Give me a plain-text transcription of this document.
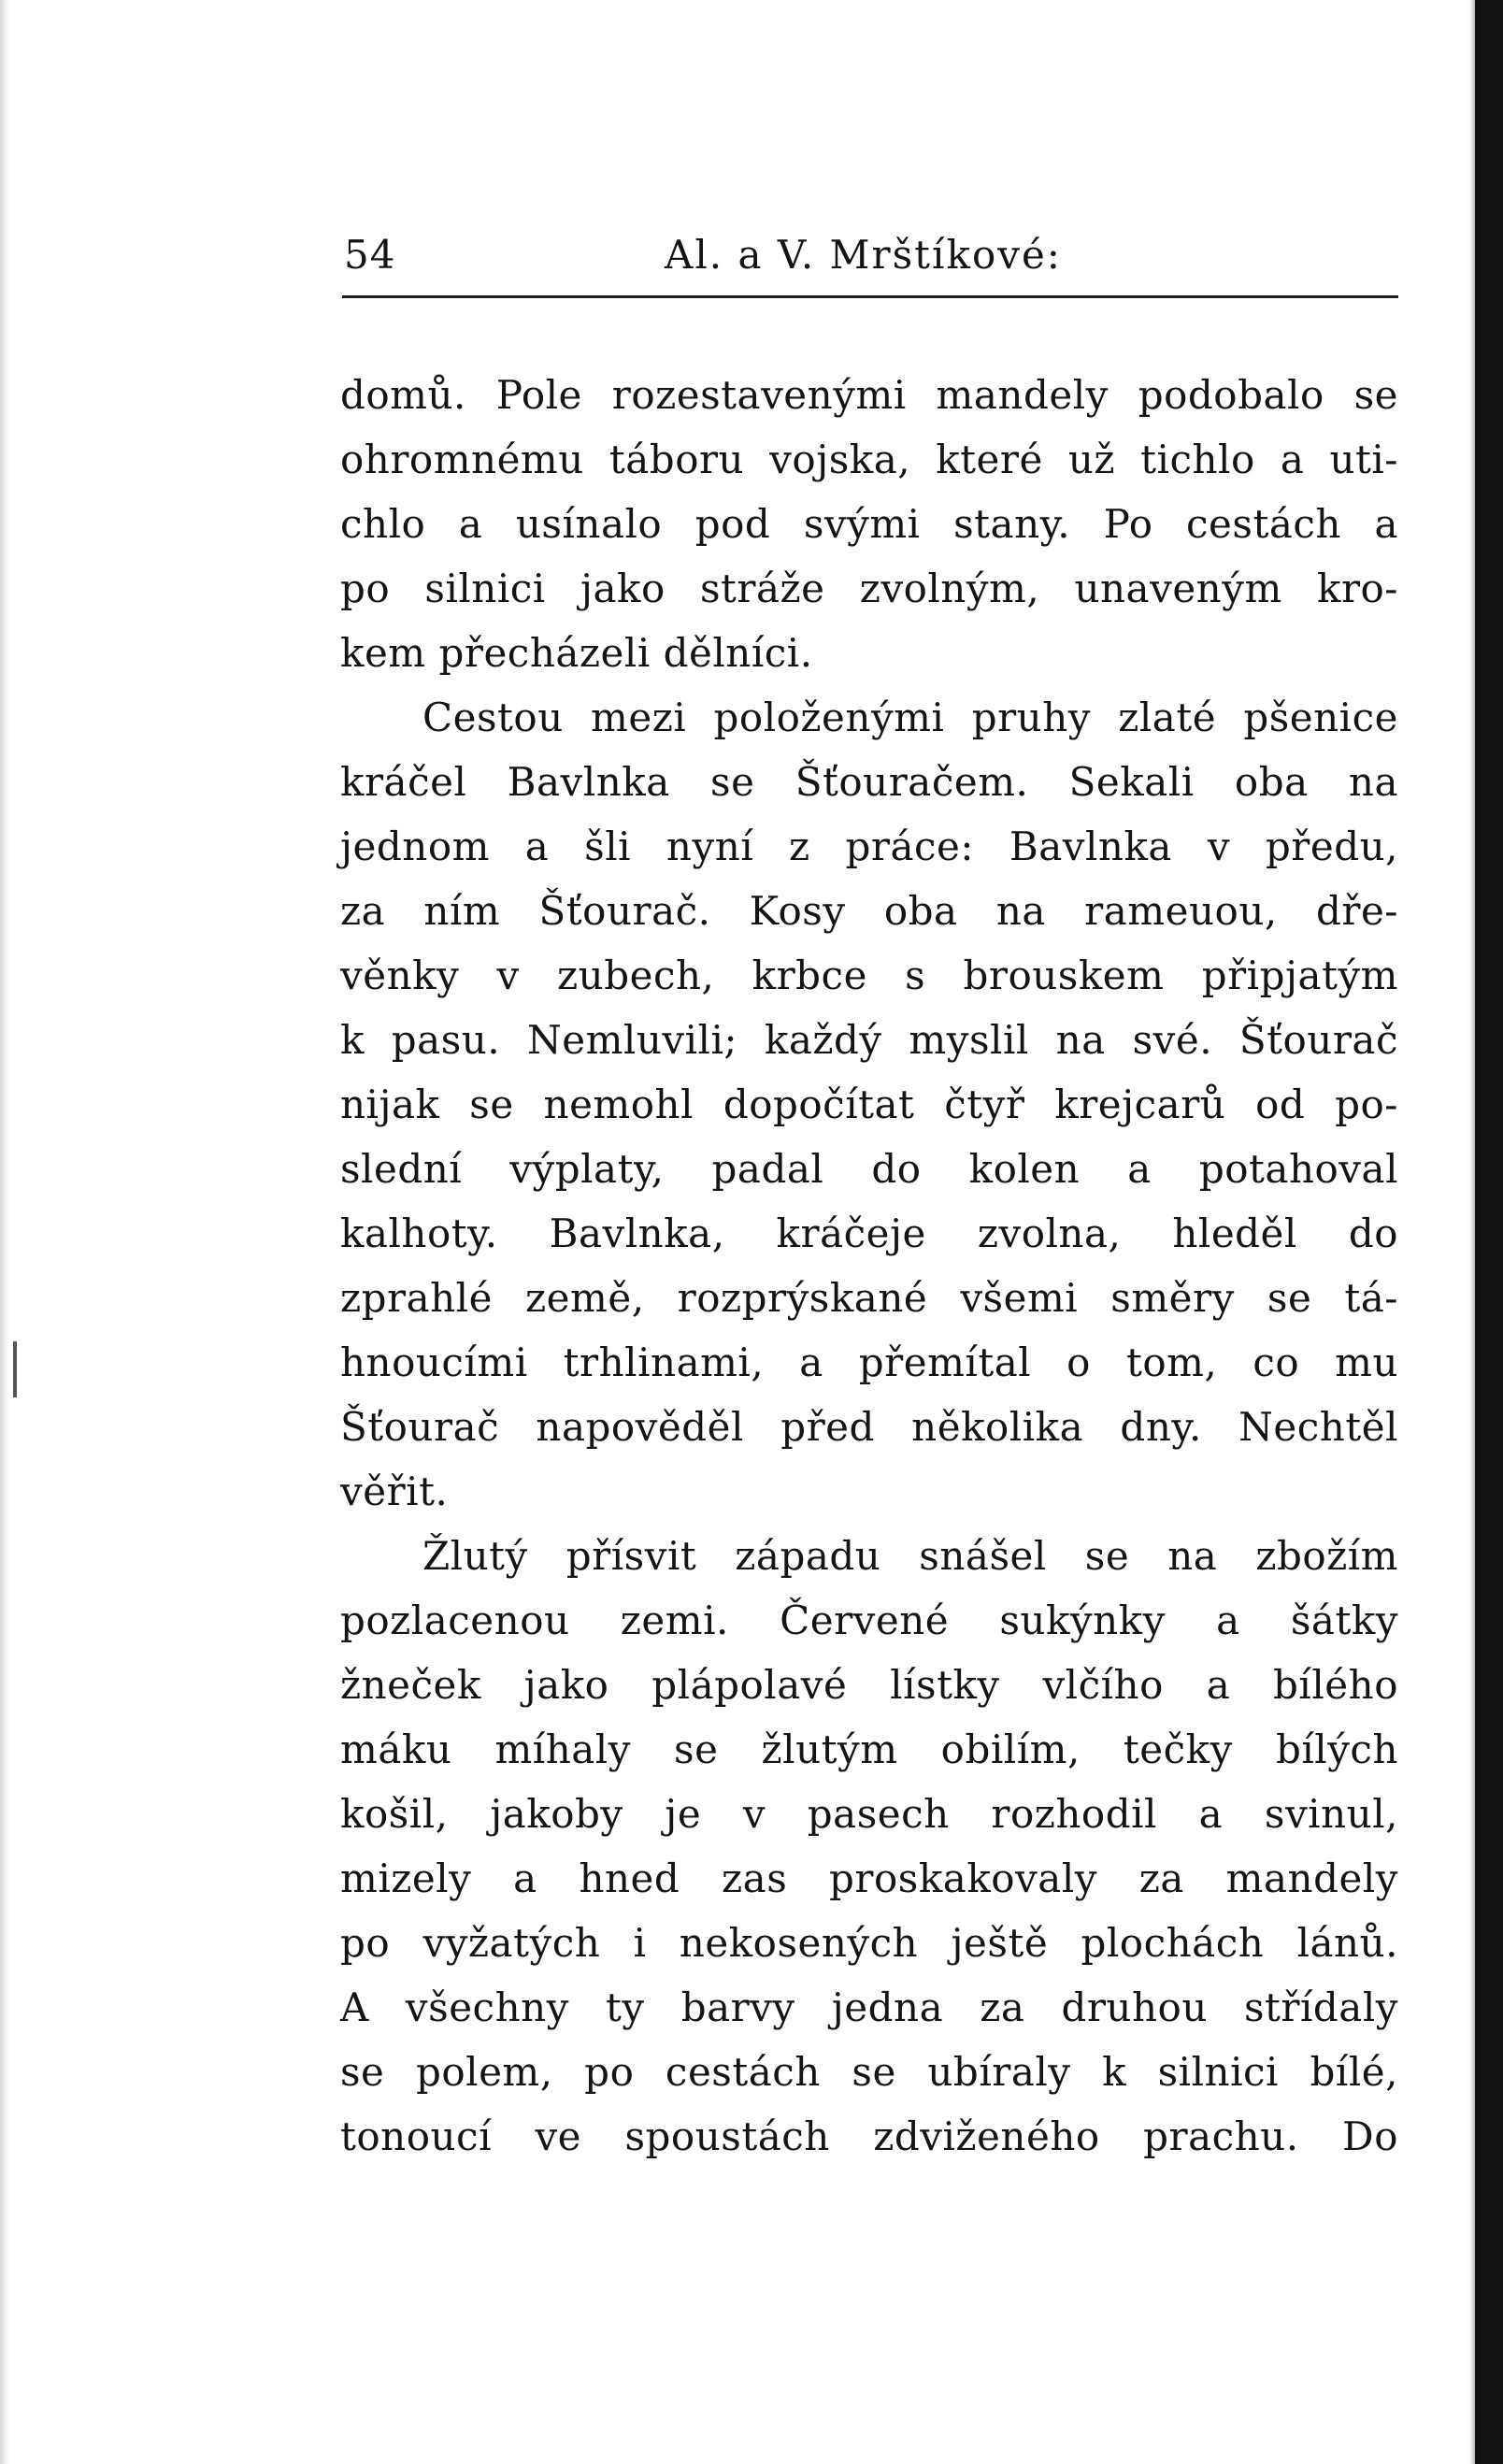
54	Al. a V. Mrštíkové:
domů. Pole rozestavenými mandely podobalo se
ohromnému táboru vojska, které už tichlo a uti-
chlo a usínalo pod svými stany. Po cestách a
po silnici jako stráže zvolným, unaveným kro-
kem přecházeli dělníci.
Cestou mezi položenými pruhy zlaté pšenice
kráčel Bavlnka se Šťouračem. Sekali oba na
jednom a šli nyní z práce: Bavlnka v předu,
za ním Šťourač. Kosy oba na rameuou, dře-
věnky v zubech, krbce s brouskem připjatým
k pasu. Nemluvili; každý myslil na své. Šťourač
nijak se nemohl dopočítat čtyř krejcarů od po-
slední výplaty, padal do kolen a potahoval
kalhoty. Bavlnka, kráčeje zvolna, hleděl do
zprahlé země, rozprýskané všemi směry se tá-
hnoucími trhlinami, a přemítal o tom, co mu
Šťourač napověděl před několika dny. Nechtěl
věřit.
Žlutý přísvit západu snášel se na zbožím
pozlacenou zemi. Červené sukýnky a šátky
žneček jako plápolavé lístky vlčího a bílého
máku míhaly se žlutým obilím, tečky bílých
košil, jakoby je v pasech rozhodil a svinul,
mizely a hned zas proskakovaly za mandely
po vyžatých i nekosených ještě plochách lánů.
A všechny ty barvy jedna za druhou střídaly
se polem, po cestách se ubíraly k silnici bílé,
tonoucí ve spoustách zdviženého prachu. Do
